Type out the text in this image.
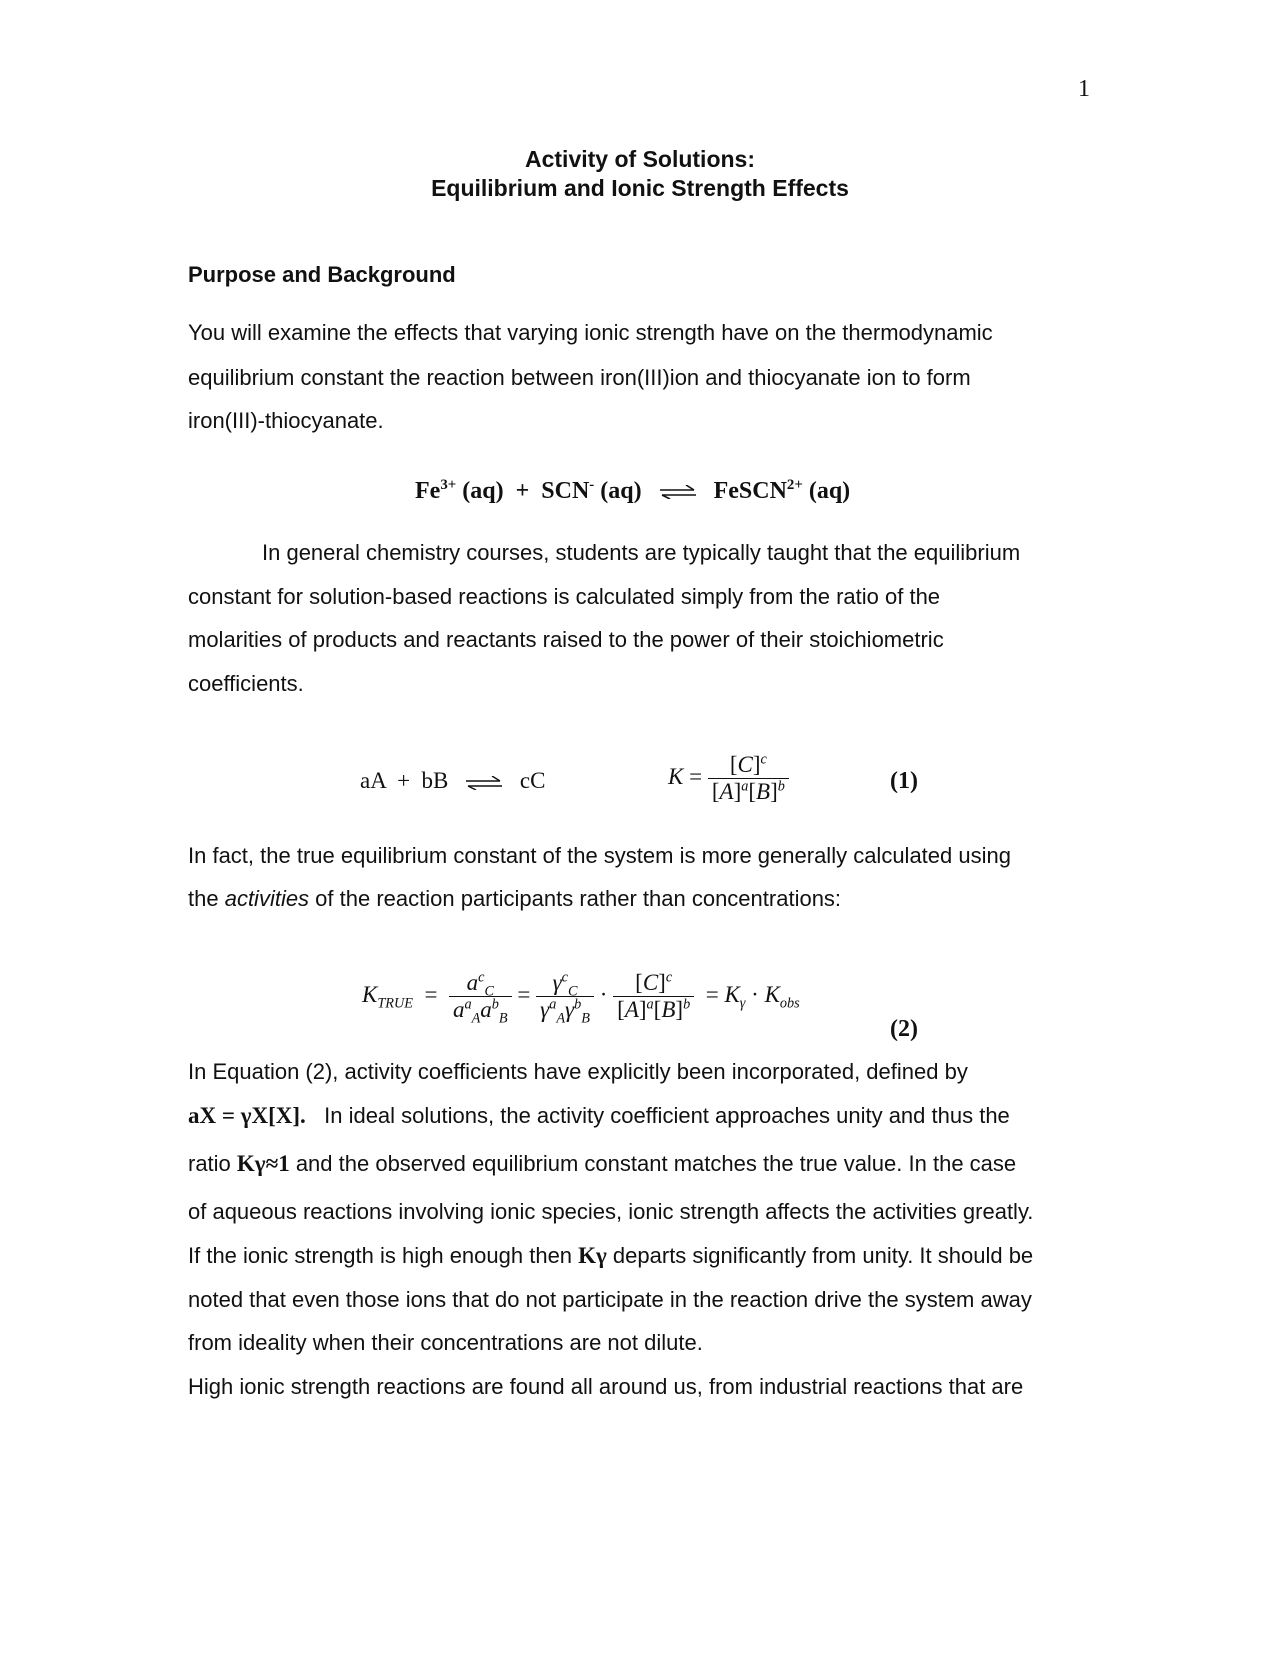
1
Activity of Solutions:
Equilibrium and Ionic Strength Effects
Purpose and Background
You will examine the effects that varying ionic strength have on the thermodynamic
equilibrium constant the reaction between iron(III)ion and thiocyanate ion to form
iron(III)-thiocyanate.
$Fe^{3+}$ (aq) + SCN- (aq) ⇌ FeSCN$^{2+}$ (aq)
In general chemistry courses, students are typically taught that the equilibrium
constant for solution-based reactions is calculated simply from the ratio of the
molarities of products and reactants raised to the power of their stoichiometric
coefficients.
aA + bB ⇌ cC	$K = \frac{[C]^c}{[A]^a[B]^b}$	(1)
In fact, the true equilibrium constant of the system is more generally calculated using
the activities of the reaction participants rather than concentrations:
$K_{TRUE} = \frac{a^c_C}{a^a_Aa^b_B} = \frac{\gamma^c_C}{\gamma^a_A\gamma^b_B} \cdot \frac{[C]^c}{[A]^a[B]^b} = K_\gamma \cdot K_{obs}$
(2)
In Equation (2), activity coefficients have explicitly been incorporated, defined by
aX = γX[X]. In ideal solutions, the activity coefficient approaches unity and thus the
ratio Kγ≈1 and the observed equilibrium constant matches the true value. In the case
of aqueous reactions involving ionic species, ionic strength affects the activities greatly.
If the ionic strength is high enough then Kγ departs significantly from unity. It should be
noted that even those ions that do not participate in the reaction drive the system away
from ideality when their concentrations are not dilute.
High ionic strength reactions are found all around us, from industrial reactions that are
